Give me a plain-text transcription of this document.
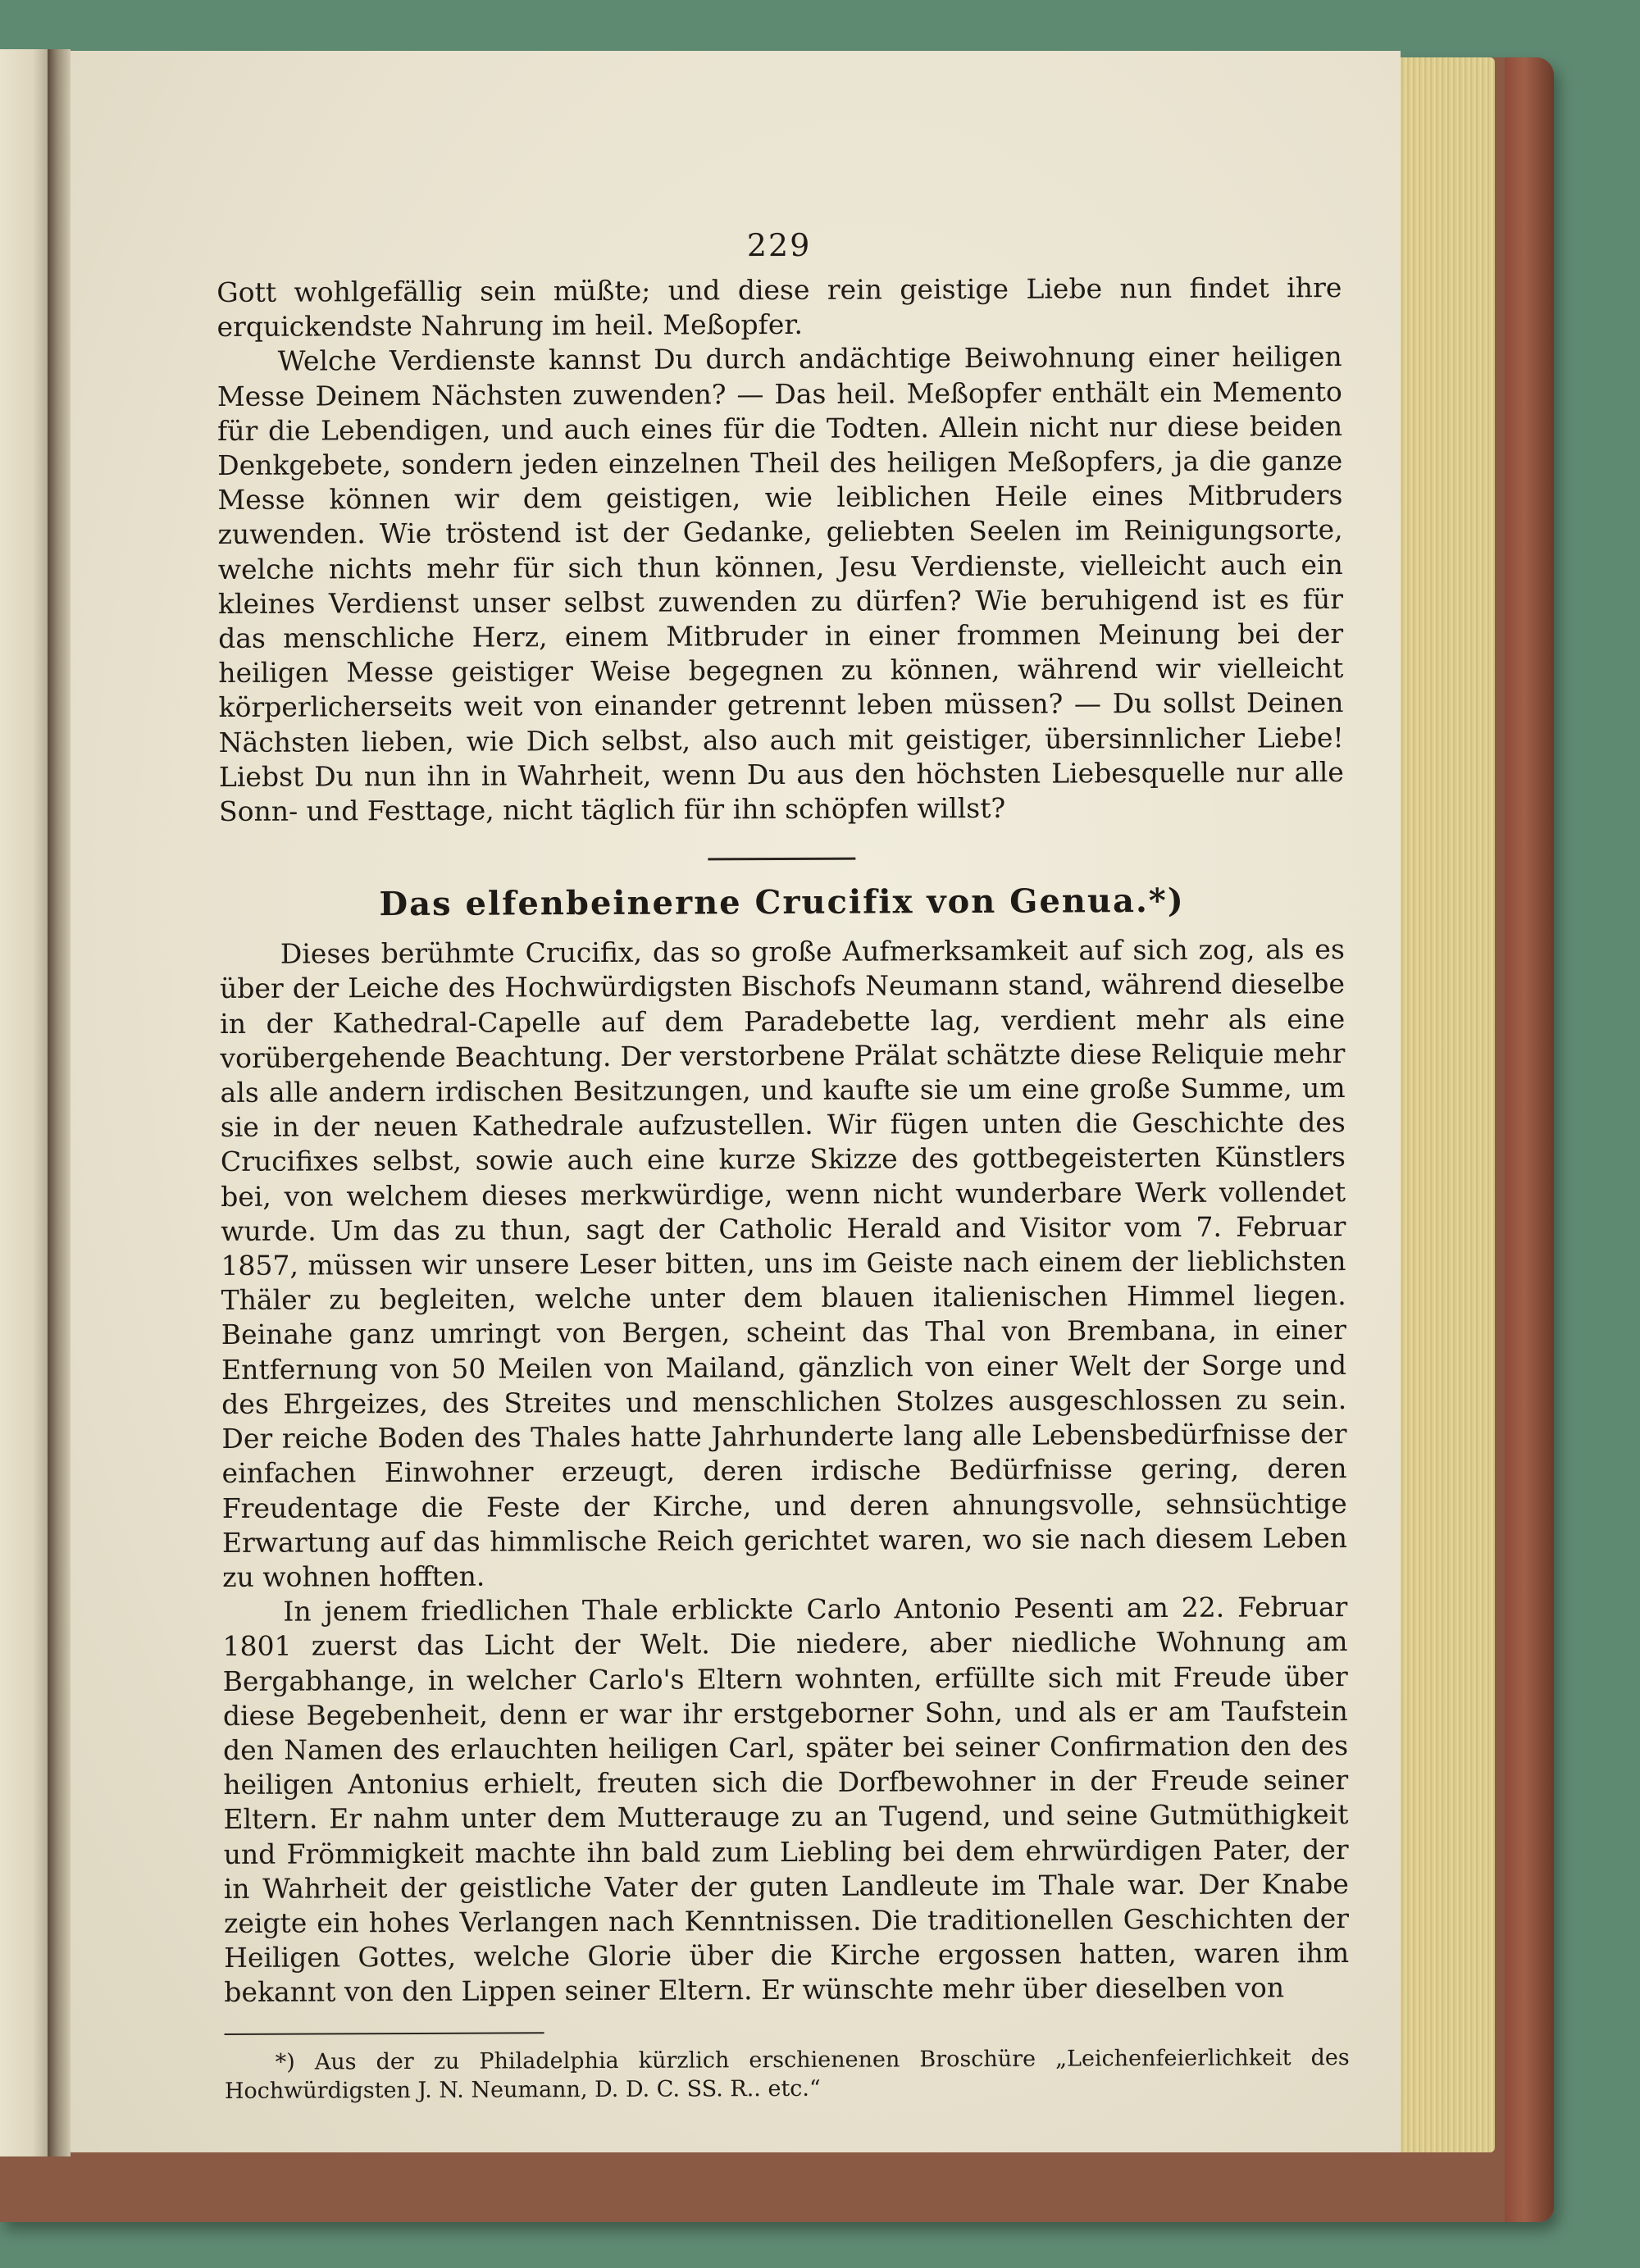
229

Gott wohlgefällig sein müßte; und diese rein geistige Liebe nun findet ihre erquickendste Nahrung im heil. Meßopfer.

Welche Verdienste kannst Du durch andächtige Beiwohnung einer heiligen Messe Deinem Nächsten zuwenden? — Das heil. Meßopfer enthält ein Memento für die Lebendigen, und auch eines für die Todten. Allein nicht nur diese beiden Denkgebete, sondern jeden einzelnen Theil des heiligen Meßopfers, ja die ganze Messe können wir dem geistigen, wie leiblichen Heile eines Mitbruders zuwenden. Wie tröstend ist der Gedanke, geliebten Seelen im Reinigungsorte, welche nichts mehr für sich thun können, Jesu Verdienste, vielleicht auch ein kleines Verdienst unser selbst zuwenden zu dürfen? Wie beruhigend ist es für das menschliche Herz, einem Mitbruder in einer frommen Meinung bei der heiligen Messe geistiger Weise begegnen zu können, während wir vielleicht körperlicherseits weit von einander getrennt leben müssen? — Du sollst Deinen Nächsten lieben, wie Dich selbst, also auch mit geistiger, übersinnlicher Liebe! Liebst Du nun ihn in Wahrheit, wenn Du aus den höchsten Liebesquelle nur alle Sonn- und Festtage, nicht täglich für ihn schöpfen willst?

Das elfenbeinerne Crucifix von Genua.*)

Dieses berühmte Crucifix, das so große Aufmerksamkeit auf sich zog, als es über der Leiche des Hochwürdigsten Bischofs Neumann stand, während dieselbe in der Kathedral-Capelle auf dem Paradebette lag, verdient mehr als eine vorübergehende Beachtung. Der verstorbene Prälat schätzte diese Reliquie mehr als alle andern irdischen Besitzungen, und kaufte sie um eine große Summe, um sie in der neuen Kathedrale aufzustellen. Wir fügen unten die Geschichte des Crucifixes selbst, sowie auch eine kurze Skizze des gottbegeisterten Künstlers bei, von welchem dieses merkwürdige, wenn nicht wunderbare Werk vollendet wurde. Um das zu thun, sagt der Catholic Herald and Visitor vom 7. Februar 1857, müssen wir unsere Leser bitten, uns im Geiste nach einem der lieblichsten Thäler zu begleiten, welche unter dem blauen italienischen Himmel liegen. Beinahe ganz umringt von Bergen, scheint das Thal von Brembana, in einer Entfernung von 50 Meilen von Mailand, gänzlich von einer Welt der Sorge und des Ehrgeizes, des Streites und menschlichen Stolzes ausgeschlossen zu sein. Der reiche Boden des Thales hatte Jahrhunderte lang alle Lebensbedürfnisse der einfachen Einwohner erzeugt, deren irdische Bedürfnisse gering, deren Freudentage die Feste der Kirche, und deren ahnungsvolle, sehnsüchtige Erwartung auf das himmlische Reich gerichtet waren, wo sie nach diesem Leben zu wohnen hofften.

In jenem friedlichen Thale erblickte Carlo Antonio Pesenti am 22. Februar 1801 zuerst das Licht der Welt. Die niedere, aber niedliche Wohnung am Bergabhange, in welcher Carlo's Eltern wohnten, erfüllte sich mit Freude über diese Begebenheit, denn er war ihr erstgeborner Sohn, und als er am Taufstein den Namen des erlauchten heiligen Carl, später bei seiner Confirmation den des heiligen Antonius erhielt, freuten sich die Dorfbewohner in der Freude seiner Eltern. Er nahm unter dem Mutterauge zu an Tugend, und seine Gutmüthigkeit und Frömmigkeit machte ihn bald zum Liebling bei dem ehrwürdigen Pater, der in Wahrheit der geistliche Vater der guten Landleute im Thale war. Der Knabe zeigte ein hohes Verlangen nach Kenntnissen. Die traditionellen Geschichten der Heiligen Gottes, welche Glorie über die Kirche ergossen hatten, waren ihm bekannt von den Lippen seiner Eltern. Er wünschte mehr über dieselben von

*) Aus der zu Philadelphia kürzlich erschienenen Broschüre „Leichenfeierlichkeit des Hochwürdigsten J. N. Neumann, D. D. C. SS. R.. etc.“
